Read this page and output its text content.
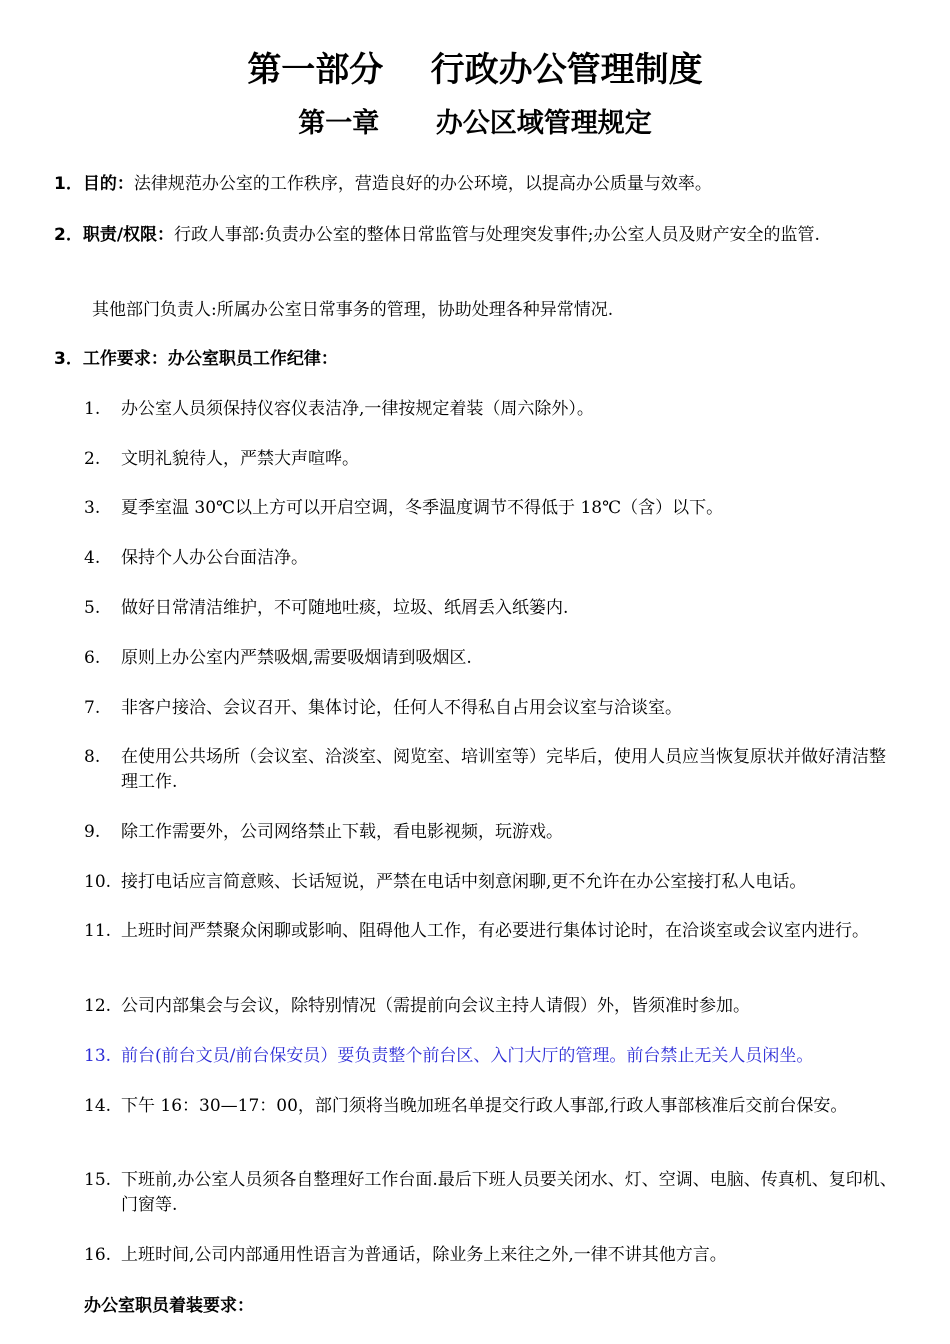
第一部分    行政办公管理制度
第一章      办公区域管理规定

1．目的：法律规范办公室的工作秩序，营造良好的办公环境，以提高办公质量与效率。

2．职责/权限：行政人事部:负责办公室的整体日常监管与处理突发事件;办公室人员及财产安全的监管.

其他部门负责人:所属办公室日常事务的管理，协助处理各种异常情况.

3．工作要求：办公室职员工作纪律：

1.	办公室人员须保持仪容仪表洁净,一律按规定着装（周六除外）。

2.	文明礼貌待人，严禁大声喧哗。

3.	夏季室温 30℃以上方可以开启空调，冬季温度调节不得低于 18℃（含）以下。

4.	保持个人办公台面洁净。

5.	做好日常清洁维护，不可随地吐痰，垃圾、纸屑丢入纸篓内.

6.	原则上办公室内严禁吸烟,需要吸烟请到吸烟区.

7.	非客户接洽、会议召开、集体讨论，任何人不得私自占用会议室与洽谈室。

8.	在使用公共场所（会议室、洽淡室、阅览室、培训室等）完毕后，使用人员应当恢复原状并做好清洁整理工作.

9.	除工作需要外，公司网络禁止下载，看电影视频，玩游戏。

10. 接打电话应言简意赅、长话短说，严禁在电话中刻意闲聊,更不允许在办公室接打私人电话。

11. 上班时间严禁聚众闲聊或影响、阻碍他人工作，有必要进行集体讨论时，在洽谈室或会议室内进行。

12. 公司内部集会与会议，除特别情况（需提前向会议主持人请假）外，皆须准时参加。

13. 前台(前台文员/前台保安员）要负责整个前台区、入门大厅的管理。前台禁止无关人员闲坐。

14. 下午 16：30—17：00，部门须将当晚加班名单提交行政人事部,行政人事部核准后交前台保安。

15. 下班前,办公室人员须各自整理好工作台面.最后下班人员要关闭水、灯、空调、电脑、传真机、复印机、门窗等.

16. 上班时间,公司内部通用性语言为普通话，除业务上来往之外,一律不讲其他方言。

办公室职员着装要求：
